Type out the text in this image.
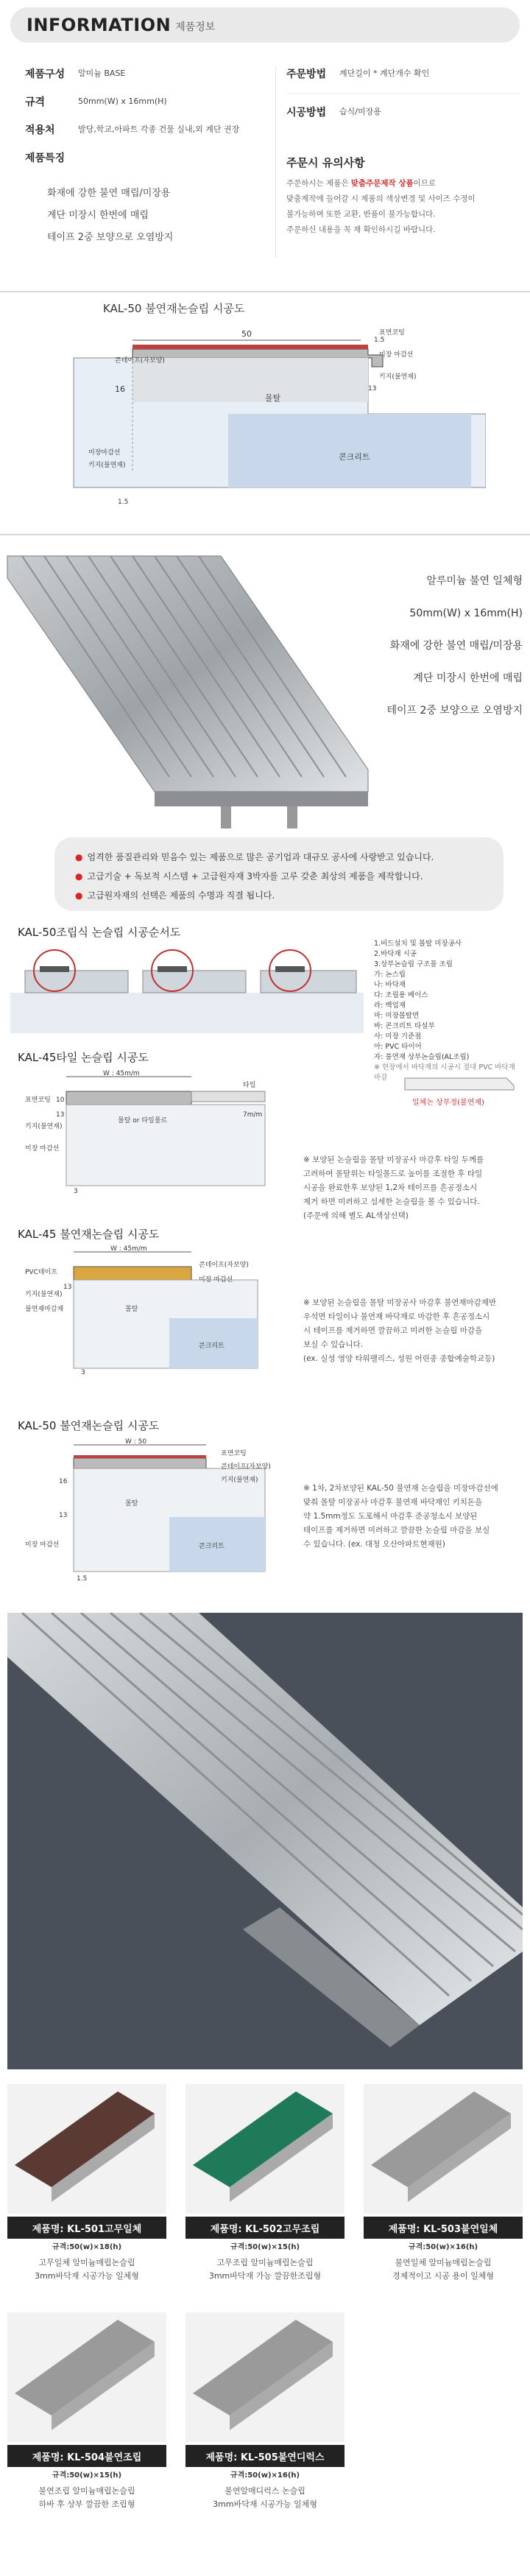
INFORMATION 제품정보
제품구성	알미늄 BASE
규격	50mm(W) x 16mm(H)
적용처	발당,학교,아파트 각종 건물 실내,외 계단 권장
제품특징
화재에 강한 불연 매립/미장용
계단 미장시 한번에 매립
테이프 2중 보양으로 오염방지
주문방법	계단길이 * 계단개수 확인
시공방법	습식/미장용
주문시 유의사항
주문하시는 제품은 맞춤주문제작 상품이므로
맞춤제작에 들어갈 시 제품의 색상변경 및 사이즈 수정이
불가능하며 또한 교환, 반품이 불가능합니다.
주문하신 내용을 꼭 재 확인하시길 바랍니다.
KAL-50 불연재논슬립 시공도
50
콘테이프(자보양)
표면코팅
미장 마감선
키지(불연재)
몰탈
미장마감선
키지(불연재)
콘크리트
16	13
1.5
1.5
알루미늄 불연 일체형
50mm(W) x 16mm(H)
화재에 강한 불연 매립/미장용
계단 미장시 한번에 매립
테이프 2중 보양으로 오염방지
● 엄격한 품질관리와 믿음수 있는 제품으로 많은 공기업과 대규모 공사에 사랑받고 있습니다.
● 고급기술 + 독보적 시스템 + 고급원자재 3박자를 고루 갖춘 최상의 제품을 제작합니다.
● 고급원자재의 선택은 제품의 수명과 직결 됩니다.
KAL-50조립식 논슬립 시공순서도
1.비드설치 및 몰탈 미장공사
2.바닥재 시공
3.상부논슬립 구조물 조립
가: 논스립
나: 바닥재
다: 조립용 베이스
라: 백업재
마: 미장몰탈면
바: 콘크리트 타설부
사: 미장 기준점
아: PVC 타이어
자: 불연재 상부논슬립(AL조립)
※ 현장에서 바닥재의 시공시 절대 PVC 바닥재 마감
일체논 상부정(불연재)
KAL-45타일 논슬립 시공도
W : 45m/m
타일
몰탈 or 타일몰르
7m/m
표면코팅
키지(불연재)
미장 마감선
10
13
3
※ 보양된 논슬립을 몰탈 미장공사 마감후 타일 두께를
고려하여 몰탈위는 타일몰드로 높이를 조절한 후 타일
시공을 완료한후 보양된 1,2차 테이프를 흔공정소시
제거 하면 미려하고 섬세한 논슬립을 볼 수 있습니다.
(주문에 의해 별도 AL색상선택)
KAL-45 불연재논슬립 시공도
W : 45m/m
콘테이프(자보양)
PVC테이프
미장 마감선
키지(불연재)
불연재마감재	몰탈
콘크리트
13
3
※ 보양된 논슬립을 몰탈 미장공사 마감후 불연재마감제반
우석면 타일이나 불연재 바닥재로 마감한 후 흔공정소시
시 테이프를 제거하면 깔끔하고 미려한 논슬립 마감을
보실 수 있습니다.
(ex. 실성 영양 타워팰리스, 성원 어린종 종합예술학교등)
KAL-50 불연재논슬립 시공도
W : 50
표면코팅
콘테이프(자보양)
키지(불연재)
몰탈
콘크리트
미장 마감선
16
13
1.5
※ 1차, 2차보양된 KAL-50 불연재 논슬립을 미장마감선에
맞춰 몰탈 미장공사 마감후 불연재 바닥재인 키치돈을
약 1.5mm정도 도포해서 마감후 준공청소시 보양된
테이프를 제거하면 미려하고 깔끔한 논슬립 마감을 보실
수 있습니다. (ex. 대청 오산아파트현재원)
제품명: KL-501고무일체
규격:50(w)×18(h)
고무일체 알미늄매립논슬립
3mm바닥재 시공가능 일체형
제품명: KL-502고무조립
규격:50(w)×15(h)
고무조립 알미늄매립논슬립
3mm바닥재 가능 깔끔한조립형
제품명: KL-503불연일체
규격:50(w)×16(h)
불연일체 알미늄매립논슬립
경제적이고 시공 용이 일체형
제품명: KL-504불연조립
규격:50(w)×15(h)
불연조립 알미늄매립논슬립
하바 후 상부 깔끔한 조립형
제품명: KL-505불연디럭스
규격:50(w)×16(h)
불연알매디럭스 논슬립
3mm바닥재 시공가능 일체형
